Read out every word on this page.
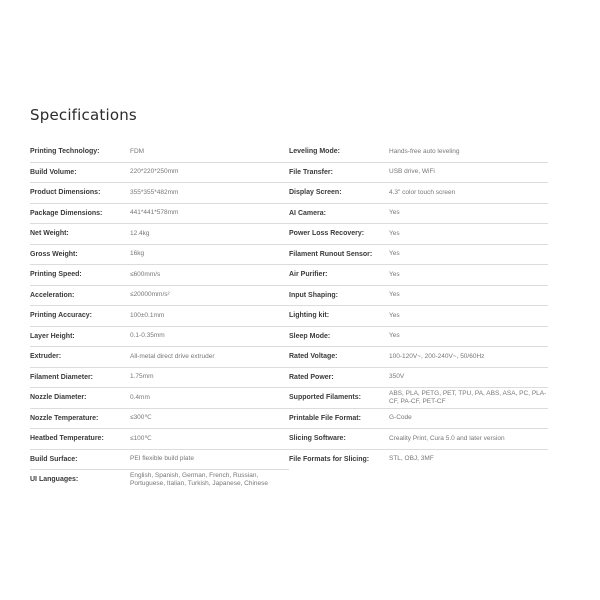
Specifications
Printing Technology:	FDM
Build Volume:	220*220*250mm
Product Dimensions:	355*355*482mm
Package Dimensions:	441*441*578mm
Net Weight:	12.4kg
Gross Weight:	16kg
Printing Speed:	≤600mm/s
Acceleration:	≤20000mm/s²
Printing Accuracy:	100±0.1mm
Layer Height:	0.1-0.35mm
Extruder:	All-metal direct drive extruder
Filament Diameter:	1.75mm
Nozzle Diameter:	0.4mm
Nozzle Temperature:	≤300℃
Heatbed Temperature:	≤100℃
Build Surface:	PEI flexible build plate
UI Languages:
English, Spanish, German, French, Russian, Portuguese, Italian, Turkish, Japanese, Chinese
Leveling Mode:	Hands-free auto leveling
File Transfer:	USB drive, WiFi
Display Screen:	4.3" color touch screen
AI Camera:	Yes
Power Loss Recovery:	Yes
Filament Runout Sensor:	Yes
Air Purifier:	Yes
Input Shaping:	Yes
Lighting kit:	Yes
Sleep Mode:	Yes
Rated Voltage:	100-120V~, 200-240V~, 50/60Hz
Rated Power:	350V
Supported Filaments:
ABS, PLA, PETG, PET, TPU, PA, ABS, ASA, PC, PLA-CF, PA-CF, PET-CF
Printable File Format:	G-Code
Slicing Software:	Creality Print, Cura 5.0 and later version
File Formats for Slicing:	STL, OBJ, 3MF
